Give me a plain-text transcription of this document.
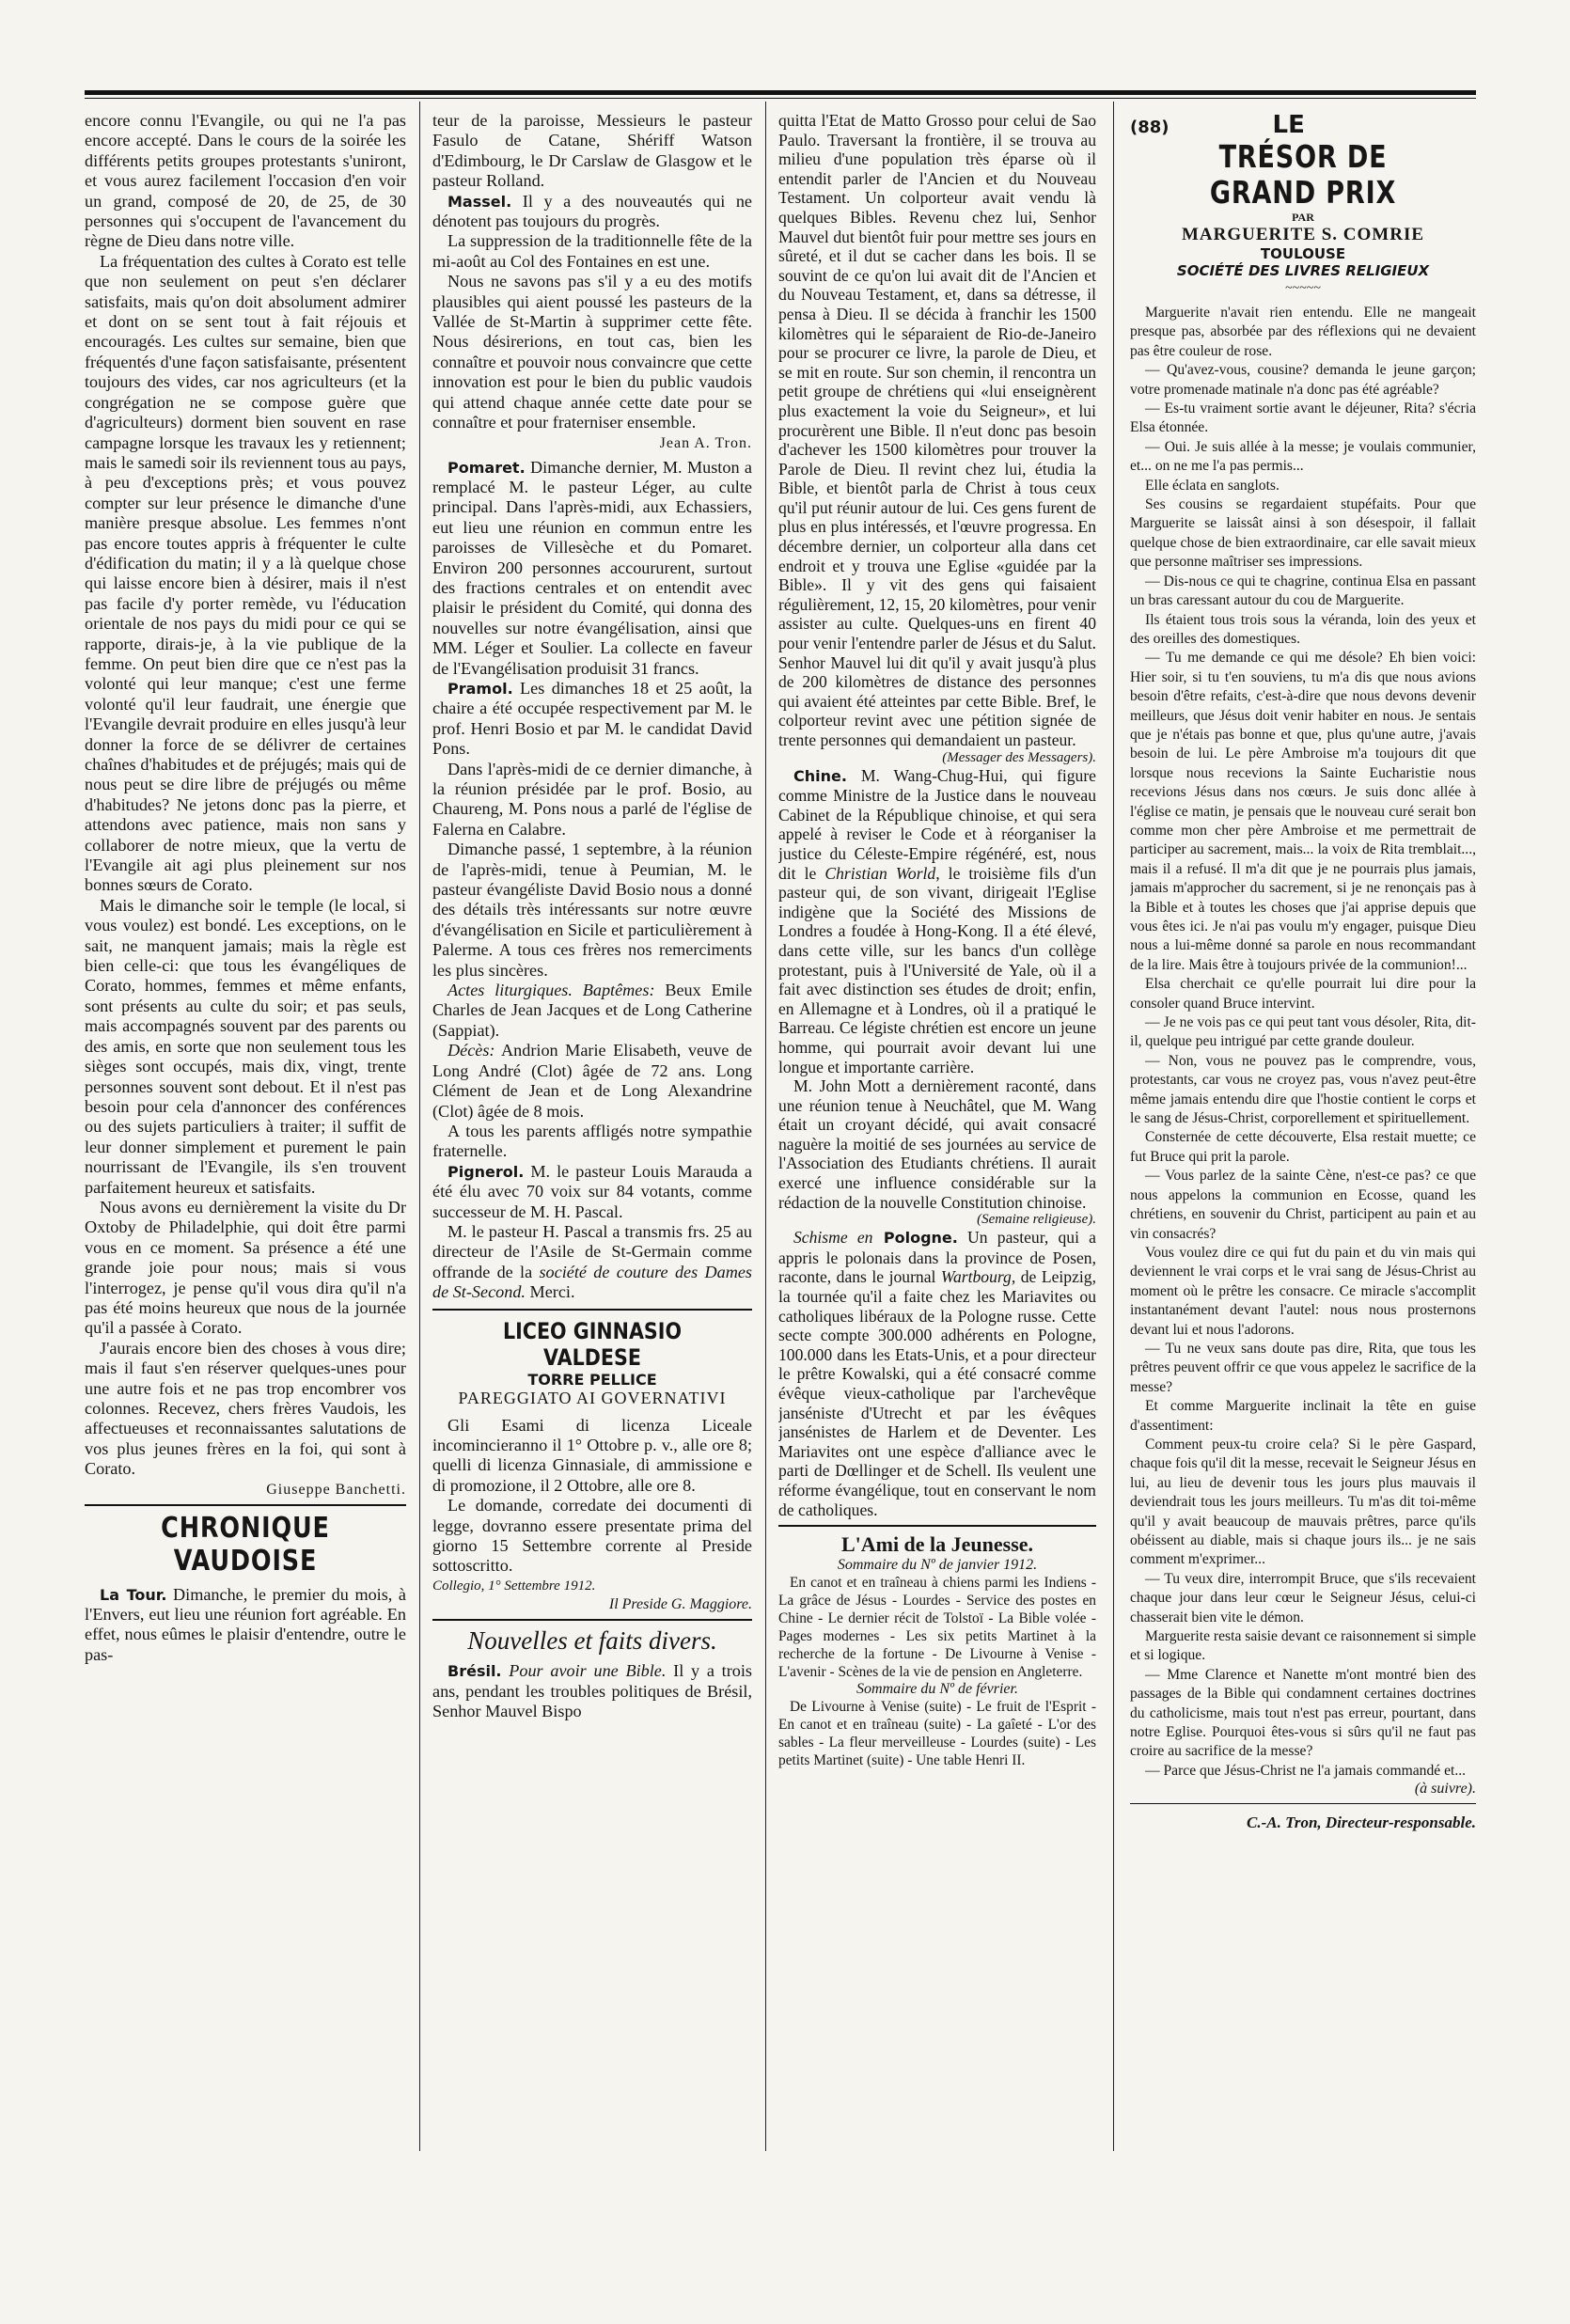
encore connu l'Evangile, ou qui ne l'a pas encore accepté. Dans le cours de la soirée les différents petits groupes protestants s'uniront, et vous aurez facilement l'occasion d'en voir un grand, composé de 20, de 25, de 30 personnes qui s'occupent de l'avancement du règne de Dieu dans notre ville.

La fréquentation des cultes à Corato est telle que non seulement on peut s'en déclarer satisfaits, mais qu'on doit absolument admirer et dont on se sent tout à fait réjouis et encouragés. Les cultes sur semaine, bien que fréquentés d'une façon satisfaisante, présentent toujours des vides, car nos agriculteurs (et la congrégation ne se compose guère que d'agriculteurs) dorment bien souvent en rase campagne lorsque les travaux les y retiennent; mais le samedi soir ils reviennent tous au pays, à peu d'exceptions près; et vous pouvez compter sur leur présence le dimanche d'une manière presque absolue. Les femmes n'ont pas encore toutes appris à fréquenter le culte d'édification du matin; il y a là quelque chose qui laisse encore bien à désirer, mais il n'est pas facile d'y porter remède, vu l'éducation orientale de nos pays du midi pour ce qui se rapporte, dirais-je, à la vie publique de la femme. On peut bien dire que ce n'est pas la volonté qui leur manque; c'est une ferme volonté qu'il leur faudrait, une énergie que l'Evangile devrait produire en elles jusqu'à leur donner la force de se délivrer de certaines chaînes d'habitudes et de préjugés; mais qui de nous peut se dire libre de préjugés ou même d'habitudes? Ne jetons donc pas la pierre, et attendons avec patience, mais non sans y collaborer de notre mieux, que la vertu de l'Evangile ait agi plus pleinement sur nos bonnes sœurs de Corato.

Mais le dimanche soir le temple (le local, si vous voulez) est bondé. Les exceptions, on le sait, ne manquent jamais; mais la règle est bien celle-ci: que tous les évangéliques de Corato, hommes, femmes et même enfants, sont présents au culte du soir; et pas seuls, mais accompagnés souvent par des parents ou des amis, en sorte que non seulement tous les sièges sont occupés, mais dix, vingt, trente personnes souvent sont debout. Et il n'est pas besoin pour cela d'annoncer des conférences ou des sujets particuliers à traiter; il suffit de leur donner simplement et purement le pain nourrissant de l'Evangile, ils s'en trouvent parfaitement heureux et satisfaits.

Nous avons eu dernièrement la visite du Dr Oxtoby de Philadelphie, qui doit être parmi vous en ce moment. Sa présence a été une grande joie pour nous; mais si vous l'interrogez, je pense qu'il vous dira qu'il n'a pas été moins heureux que nous de la journée qu'il a passée à Corato.

J'aurais encore bien des choses à vous dire; mais il faut s'en réserver quelques-unes pour une autre fois et ne pas trop encombrer vos colonnes. Recevez, chers frères Vaudois, les affectueuses et reconnaissantes salutations de vos plus jeunes frères en la foi, qui sont à Corato.

Giuseppe Banchetti.
CHRONIQUE VAUDOISE

La Tour. Dimanche, le premier du mois, à l'Envers, eut lieu une réunion fort agréable. En effet, nous eûmes le plaisir d'entendre, outre le pas-

teur de la paroisse, Messieurs le pasteur Fasulo de Catane, Shériff Watson d'Edimbourg, le Dr Carslaw de Glasgow et le pasteur Rolland.

Massel. Il y a des nouveautés qui ne dénotent pas toujours du progrès.

La suppression de la traditionnelle fête de la mi-août au Col des Fontaines en est une.

Nous ne savons pas s'il y a eu des motifs plausibles qui aient poussé les pasteurs de la Vallée de St-Martin à supprimer cette fête. Nous désirerions, en tout cas, bien les connaître et pouvoir nous convaincre que cette innovation est pour le bien du public vaudois qui attend chaque année cette date pour se connaître et pour fraterniser ensemble.

Jean A. Tron.

Pomaret. Dimanche dernier, M. Muston a remplacé M. le pasteur Léger, au culte principal. Dans l'après-midi, aux Echassiers, eut lieu une réunion en commun entre les paroisses de Villesèche et du Pomaret. Environ 200 personnes accoururent, surtout des fractions centrales et on entendit avec plaisir le président du Comité, qui donna des nouvelles sur notre évangélisation, ainsi que MM. Léger et Soulier. La collecte en faveur de l'Evangélisation produisit 31 francs.

Pramol. Les dimanches 18 et 25 août, la chaire a été occupée respectivement par M. le prof. Henri Bosio et par M. le candidat David Pons.

Dans l'après-midi de ce dernier dimanche, à la réunion présidée par le prof. Bosio, au Chaureng, M. Pons nous a parlé de l'église de Falerna en Calabre.

Dimanche passé, 1 septembre, à la réunion de l'après-midi, tenue à Peumian, M. le pasteur évangéliste David Bosio nous a donné des détails très intéressants sur notre œuvre d'évangélisation en Sicile et particulièrement à Palerme. A tous ces frères nos remerciments les plus sincères.

Actes liturgiques. Baptêmes: Beux Emile Charles de Jean Jacques et de Long Catherine (Sappiat).

Décès: Andrion Marie Elisabeth, veuve de Long André (Clot) âgée de 72 ans. Long Clément de Jean et de Long Alexandrine (Clot) âgée de 8 mois.

A tous les parents affligés notre sympathie fraternelle.

Pignerol. M. le pasteur Louis Marauda a été élu avec 70 voix sur 84 votants, comme successeur de M. H. Pascal.

M. le pasteur H. Pascal a transmis frs. 25 au directeur de l'Asile de St-Germain comme offrande de la société de couture des Dames de St-Second. Merci.

LICEO GINNASIO VALDESE
TORRE PELLICE
PAREGGIATO AI GOVERNATIVI

Gli Esami di licenza Liceale incomincieranno il 1° Ottobre p. v., alle ore 8; quelli di licenza Ginnasiale, di ammissione e di promozione, il 2 Ottobre, alle ore 8.

Le domande, corredate dei documenti di legge, dovranno essere presentate prima del giorno 15 Settembre corrente al Preside sottoscritto.

Collegio, 1° Settembre 1912.

Il Preside G. Maggiore.
Nouvelles et faits divers.

Brésil. Pour avoir une Bible. Il y a trois ans, pendant les troubles politiques de Brésil, Senhor Mauvel Bispo

quitta l'Etat de Matto Grosso pour celui de Sao Paulo. Traversant la frontière, il se trouva au milieu d'une population très éparse où il entendit parler de l'Ancien et du Nouveau Testament. Un colporteur avait vendu là quelques Bibles. Revenu chez lui, Senhor Mauvel dut bientôt fuir pour mettre ses jours en sûreté, et il dut se cacher dans les bois. Il se souvint de ce qu'on lui avait dit de l'Ancien et du Nouveau Testament, et, dans sa détresse, il pensa à Dieu. Il se décida à franchir les 1500 kilomètres qui le séparaient de Rio-de-Janeiro pour se procurer ce livre, la parole de Dieu, et se mit en route. Sur son chemin, il rencontra un petit groupe de chrétiens qui «lui enseignèrent plus exactement la voie du Seigneur», et lui procurèrent une Bible. Il n'eut donc pas besoin d'achever les 1500 kilomètres pour trouver la Parole de Dieu. Il revint chez lui, étudia la Bible, et bientôt parla de Christ à tous ceux qu'il put réunir autour de lui. Ces gens furent de plus en plus intéressés, et l'œuvre progressa. En décembre dernier, un colporteur alla dans cet endroit et y trouva une Eglise «guidée par la Bible». Il y vit des gens qui faisaient régulièrement, 12, 15, 20 kilomètres, pour venir assister au culte. Quelques-uns en firent 40 pour venir l'entendre parler de Jésus et du Salut. Senhor Mauvel lui dit qu'il y avait jusqu'à plus de 200 kilomètres de distance des personnes qui avaient été atteintes par cette Bible. Bref, le colporteur revint avec une pétition signée de trente personnes qui demandaient un pasteur.

(Messager des Messagers).

Chine. M. Wang-Chug-Hui, qui figure comme Ministre de la Justice dans le nouveau Cabinet de la République chinoise, et qui sera appelé à reviser le Code et à réorganiser la justice du Céleste-Empire régénéré, est, nous dit le Christian World, le troisième fils d'un pasteur qui, de son vivant, dirigeait l'Eglise indigène que la Société des Missions de Londres a foudée à Hong-Kong. Il a été élevé, dans cette ville, sur les bancs d'un collège protestant, puis à l'Université de Yale, où il a fait avec distinction ses études de droit; enfin, en Allemagne et à Londres, où il a pratiqué le Barreau. Ce légiste chrétien est encore un jeune homme, qui pourrait avoir devant lui une longue et importante carrière.

M. John Mott a dernièrement raconté, dans une réunion tenue à Neuchâtel, que M. Wang était un croyant décidé, qui avait consacré naguère la moitié de ses journées au service de l'Association des Etudiants chrétiens. Il aurait exercé une influence considérable sur la rédaction de la nouvelle Constitution chinoise.

(Semaine religieuse).

Schisme en Pologne. Un pasteur, qui a appris le polonais dans la province de Posen, raconte, dans le journal Wartbourg, de Leipzig, la tournée qu'il a faite chez les Mariavites ou catholiques libéraux de la Pologne russe. Cette secte compte 300.000 adhérents en Pologne, 100.000 dans les Etats-Unis, et a pour directeur le prêtre Kowalski, qui a été consacré comme évêque vieux-catholique par l'archevêque janséniste d'Utrecht et par les évêques jansénistes de Harlem et de Deventer. Les Mariavites ont une espèce d'alliance avec le parti de Dœllinger et de Schell. Ils veulent une réforme évangélique, tout en conservant le nom de catholiques.

L'Ami de la Jeunesse.
Sommaire du Nº de janvier 1912.

En canot et en traîneau à chiens parmi les Indiens - La grâce de Jésus - Lourdes - Service des postes en Chine - Le dernier récit de Tolstoï - La Bible volée - Pages modernes - Les six petits Martinet à la recherche de la fortune - De Livourne à Venise - L'avenir - Scènes de la vie de pension en Angleterre.

Sommaire du Nº de février.

De Livourne à Venise (suite) - Le fruit de l'Esprit - En canot et en traîneau (suite) - La gaîeté - L'or des sables - La fleur merveilleuse - Lourdes (suite) - Les petits Martinet (suite) - Une table Henri II.

(88)	LE
TRÉSOR DE GRAND PRIX
PAR
MARGUERITE S. COMRIE
TOULOUSE
SOCIÉTÉ DES LIVRES RELIGIEUX
~~~~~

Marguerite n'avait rien entendu. Elle ne mangeait presque pas, absorbée par des réflexions qui ne devaient pas être couleur de rose.

— Qu'avez-vous, cousine? demanda le jeune garçon; votre promenade matinale n'a donc pas été agréable?

— Es-tu vraiment sortie avant le déjeuner, Rita? s'écria Elsa étonnée.

— Oui. Je suis allée à la messe; je voulais communier, et... on ne me l'a pas permis...

Elle éclata en sanglots.

Ses cousins se regardaient stupéfaits. Pour que Marguerite se laissât ainsi à son désespoir, il fallait quelque chose de bien extraordinaire, car elle savait mieux que personne maîtriser ses impressions.

— Dis-nous ce qui te chagrine, continua Elsa en passant un bras caressant autour du cou de Marguerite.

Ils étaient tous trois sous la véranda, loin des yeux et des oreilles des domestiques.

— Tu me demande ce qui me désole? Eh bien voici: Hier soir, si tu t'en souviens, tu m'a dis que nous avions besoin d'être refaits, c'est-à-dire que nous devons devenir meilleurs, que Jésus doit venir habiter en nous. Je sentais que je n'étais pas bonne et que, plus qu'une autre, j'avais besoin de lui. Le père Ambroise m'a toujours dit que lorsque nous recevions la Sainte Eucharistie nous recevions Jésus dans nos cœurs. Je suis donc allée à l'église ce matin, je pensais que le nouveau curé serait bon comme mon cher père Ambroise et me permettrait de participer au sacrement, mais... la voix de Rita tremblait..., mais il a refusé. Il m'a dit que je ne pourrais plus jamais, jamais m'approcher du sacrement, si je ne renonçais pas à la Bible et à toutes les choses que j'ai apprise depuis que vous êtes ici. Je n'ai pas voulu m'y engager, puisque Dieu nous a lui-même donné sa parole en nous recommandant de la lire. Mais être à toujours privée de la communion!...

Elsa cherchait ce qu'elle pourrait lui dire pour la consoler quand Bruce intervint.

— Je ne vois pas ce qui peut tant vous désoler, Rita, dit-il, quelque peu intrigué par cette grande douleur.

— Non, vous ne pouvez pas le comprendre, vous, protestants, car vous ne croyez pas, vous n'avez peut-être même jamais entendu dire que l'hostie contient le corps et le sang de Jésus-Christ, corporellement et spirituellement.

Consternée de cette découverte, Elsa restait muette; ce fut Bruce qui prit la parole.

— Vous parlez de la sainte Cène, n'est-ce pas? ce que nous appelons la communion en Ecosse, quand les chrétiens, en souvenir du Christ, participent au pain et au vin consacrés?

Vous voulez dire ce qui fut du pain et du vin mais qui deviennent le vrai corps et le vrai sang de Jésus-Christ au moment où le prêtre les consacre. Ce miracle s'accomplit instantanément devant l'autel: nous nous prosternons devant lui et nous l'adorons.

— Tu ne veux sans doute pas dire, Rita, que tous les prêtres peuvent offrir ce que vous appelez le sacrifice de la messe?

Et comme Marguerite inclinait la tête en guise d'assentiment:

Comment peux-tu croire cela? Si le père Gaspard, chaque fois qu'il dit la messe, recevait le Seigneur Jésus en lui, au lieu de devenir tous les jours plus mauvais il deviendrait tous les jours meilleurs. Tu m'as dit toi-même qu'il y avait beaucoup de mauvais prêtres, parce qu'ils obéissent au diable, mais si chaque jours ils... je ne sais comment m'exprimer...

— Tu veux dire, interrompit Bruce, que s'ils recevaient chaque jour dans leur cœur le Seigneur Jésus, celui-ci chasserait bien vite le démon.

Marguerite resta saisie devant ce raisonnement si simple et si logique.

— Mme Clarence et Nanette m'ont montré bien des passages de la Bible qui condamnent certaines doctrines du catholicisme, mais tout n'est pas erreur, pourtant, dans notre Eglise. Pourquoi êtes-vous si sûrs qu'il ne faut pas croire au sacrifice de la messe?

— Parce que Jésus-Christ ne l'a jamais commandé et...

(à suivre).
C.-A. Tron, Directeur-responsable.
